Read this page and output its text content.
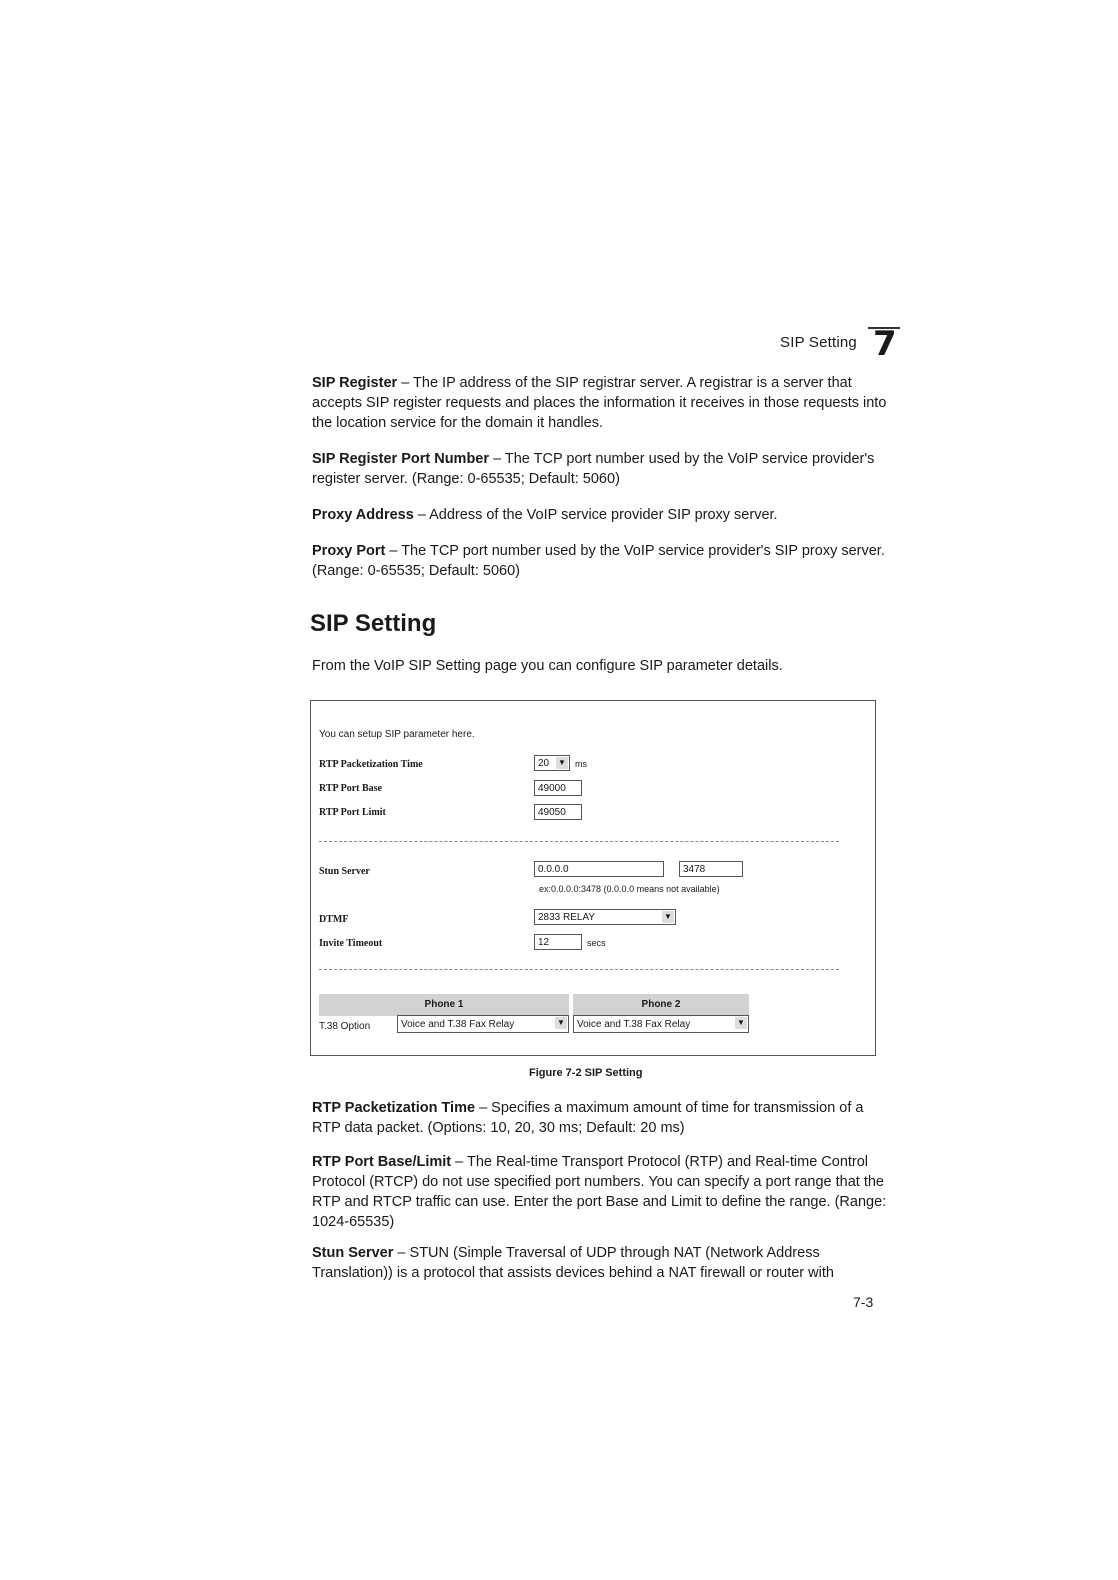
SIP Setting 7
SIP Register – The IP address of the SIP registrar server. A registrar is a server that accepts SIP register requests and places the information it receives in those requests into the location service for the domain it handles.
SIP Register Port Number – The TCP port number used by the VoIP service provider's register server. (Range: 0-65535; Default: 5060)
Proxy Address – Address of the VoIP service provider SIP proxy server.
Proxy Port – The TCP port number used by the VoIP service provider's SIP proxy server. (Range: 0-65535; Default: 5060)
SIP Setting
From the VoIP SIP Setting page you can configure SIP parameter details.
You can setup SIP parameter here.
RTP Packetization Time	20 ▼ ms
RTP Port Base	49000
RTP Port Limit	49050
Stun Server	0.0.0.0	3478
ex:0.0.0.0:3478 (0.0.0.0 means not available)
DTMF	2833 RELAY	▼
Invite Timeout	12	secs
Phone 1	Phone 2
T.38 Option	Voice and T.38 Fax Relay	▼	Voice and T.38 Fax Relay	▼
Figure 7-2 SIP Setting
RTP Packetization Time – Specifies a maximum amount of time for transmission of a RTP data packet. (Options: 10, 20, 30 ms; Default: 20 ms)
RTP Port Base/Limit – The Real-time Transport Protocol (RTP) and Real-time Control Protocol (RTCP) do not use specified port numbers. You can specify a port range that the RTP and RTCP traffic can use. Enter the port Base and Limit to define the range. (Range: 1024-65535)
Stun Server – STUN (Simple Traversal of UDP through NAT (Network Address Translation)) is a protocol that assists devices behind a NAT firewall or router with
7-3
